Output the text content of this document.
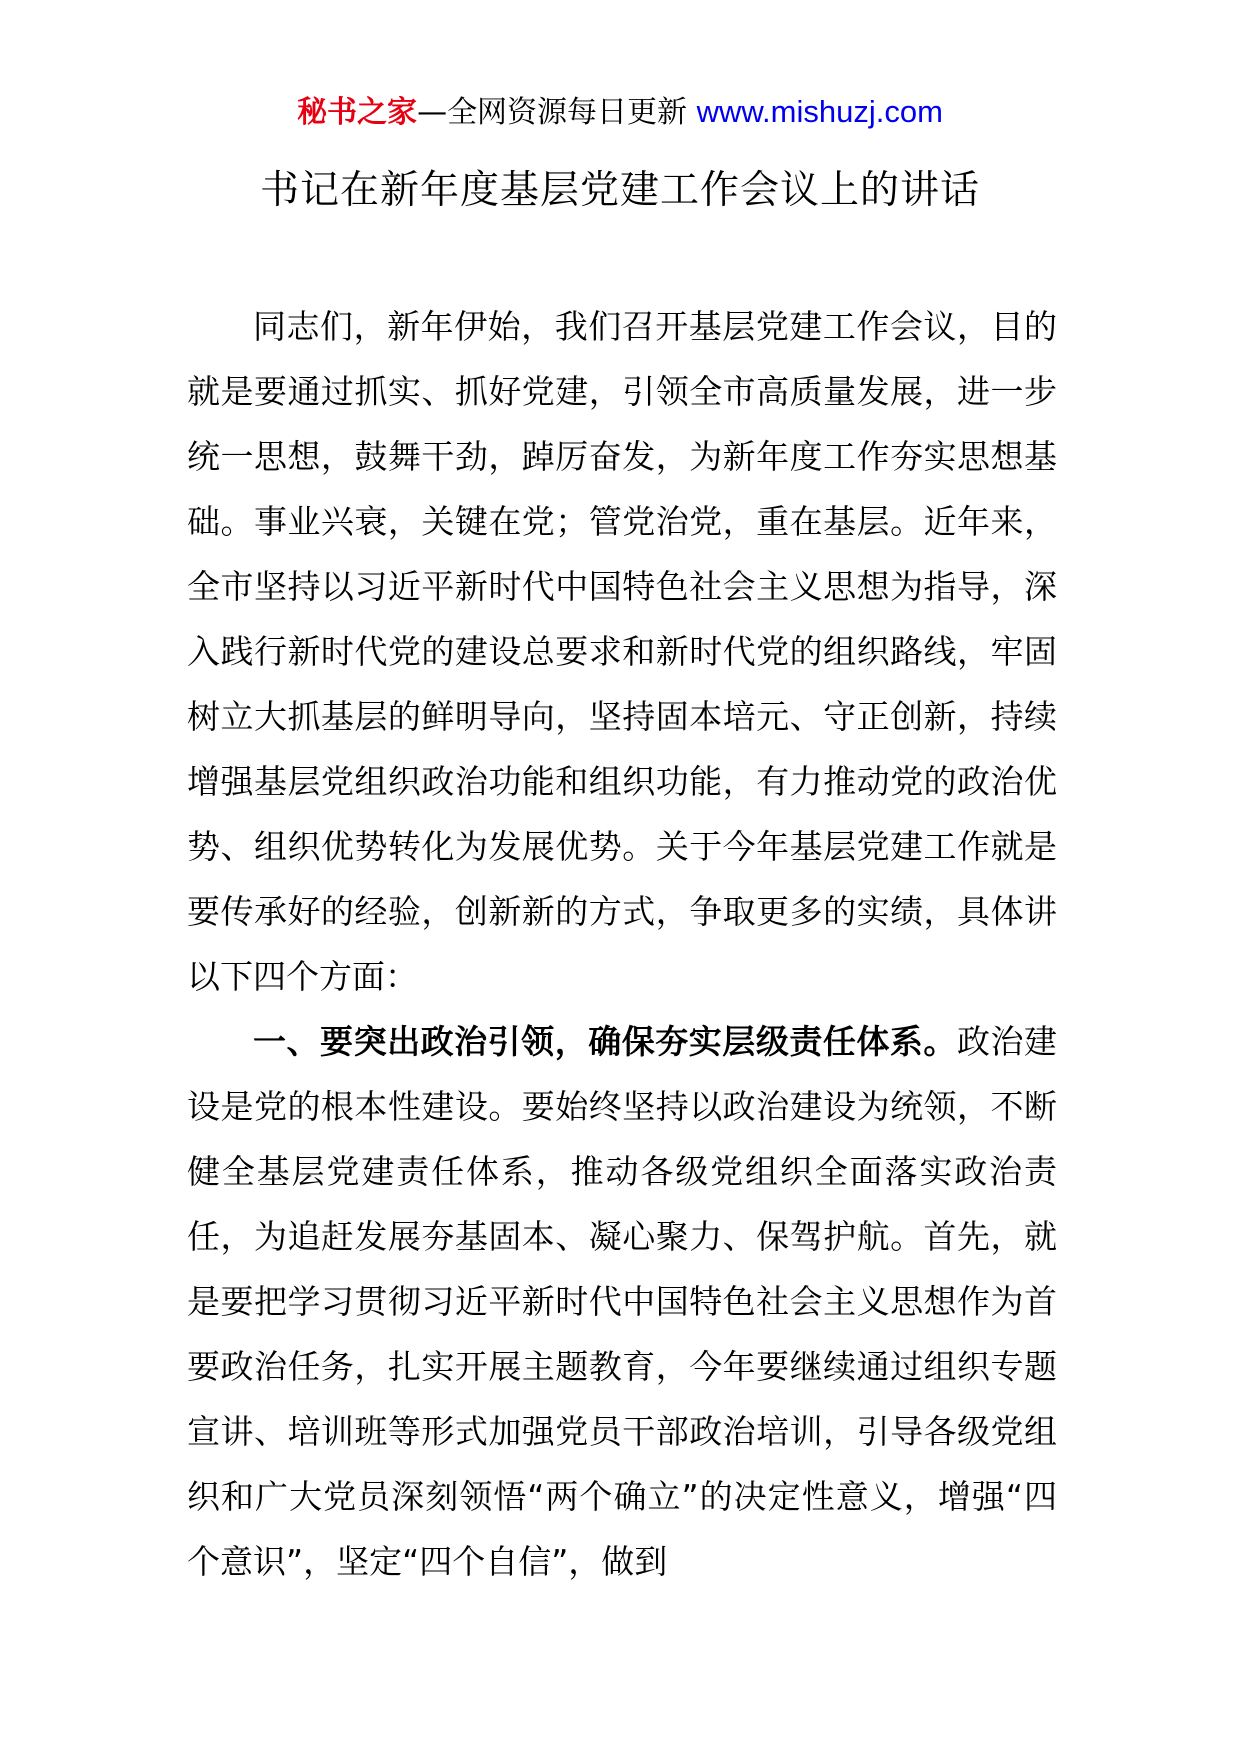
秘书之家—全网资源每日更新 www.mishuzj.com
书记在新年度基层党建工作会议上的讲话

同志们，新年伊始，我们召开基层党建工作会议，目的就是要通过抓实、抓好党建，引领全市高质量发展，进一步统一思想，鼓舞干劲，踔厉奋发，为新年度工作夯实思想基础。事业兴衰，关键在党；管党治党，重在基层。近年来，全市坚持以习近平新时代中国特色社会主义思想为指导，深入践行新时代党的建设总要求和新时代党的组织路线，牢固树立大抓基层的鲜明导向，坚持固本培元、守正创新，持续增强基层党组织政治功能和组织功能，有力推动党的政治优势、组织优势转化为发展优势。关于今年基层党建工作就是要传承好的经验，创新新的方式，争取更多的实绩，具体讲以下四个方面：

一、要突出政治引领，确保夯实层级责任体系。政治建设是党的根本性建设。要始终坚持以政治建设为统领，不断健全基层党建责任体系，推动各级党组织全面落实政治责任，为追赶发展夯基固本、凝心聚力、保驾护航。首先，就是要把学习贯彻习近平新时代中国特色社会主义思想作为首要政治任务，扎实开展主题教育，今年要继续通过组织专题宣讲、培训班等形式加强党员干部政治培训，引导各级党组织和广大党员深刻领悟“两个确立”的决定性意义，增强“四个意识”，坚定“四个自信”，做到
